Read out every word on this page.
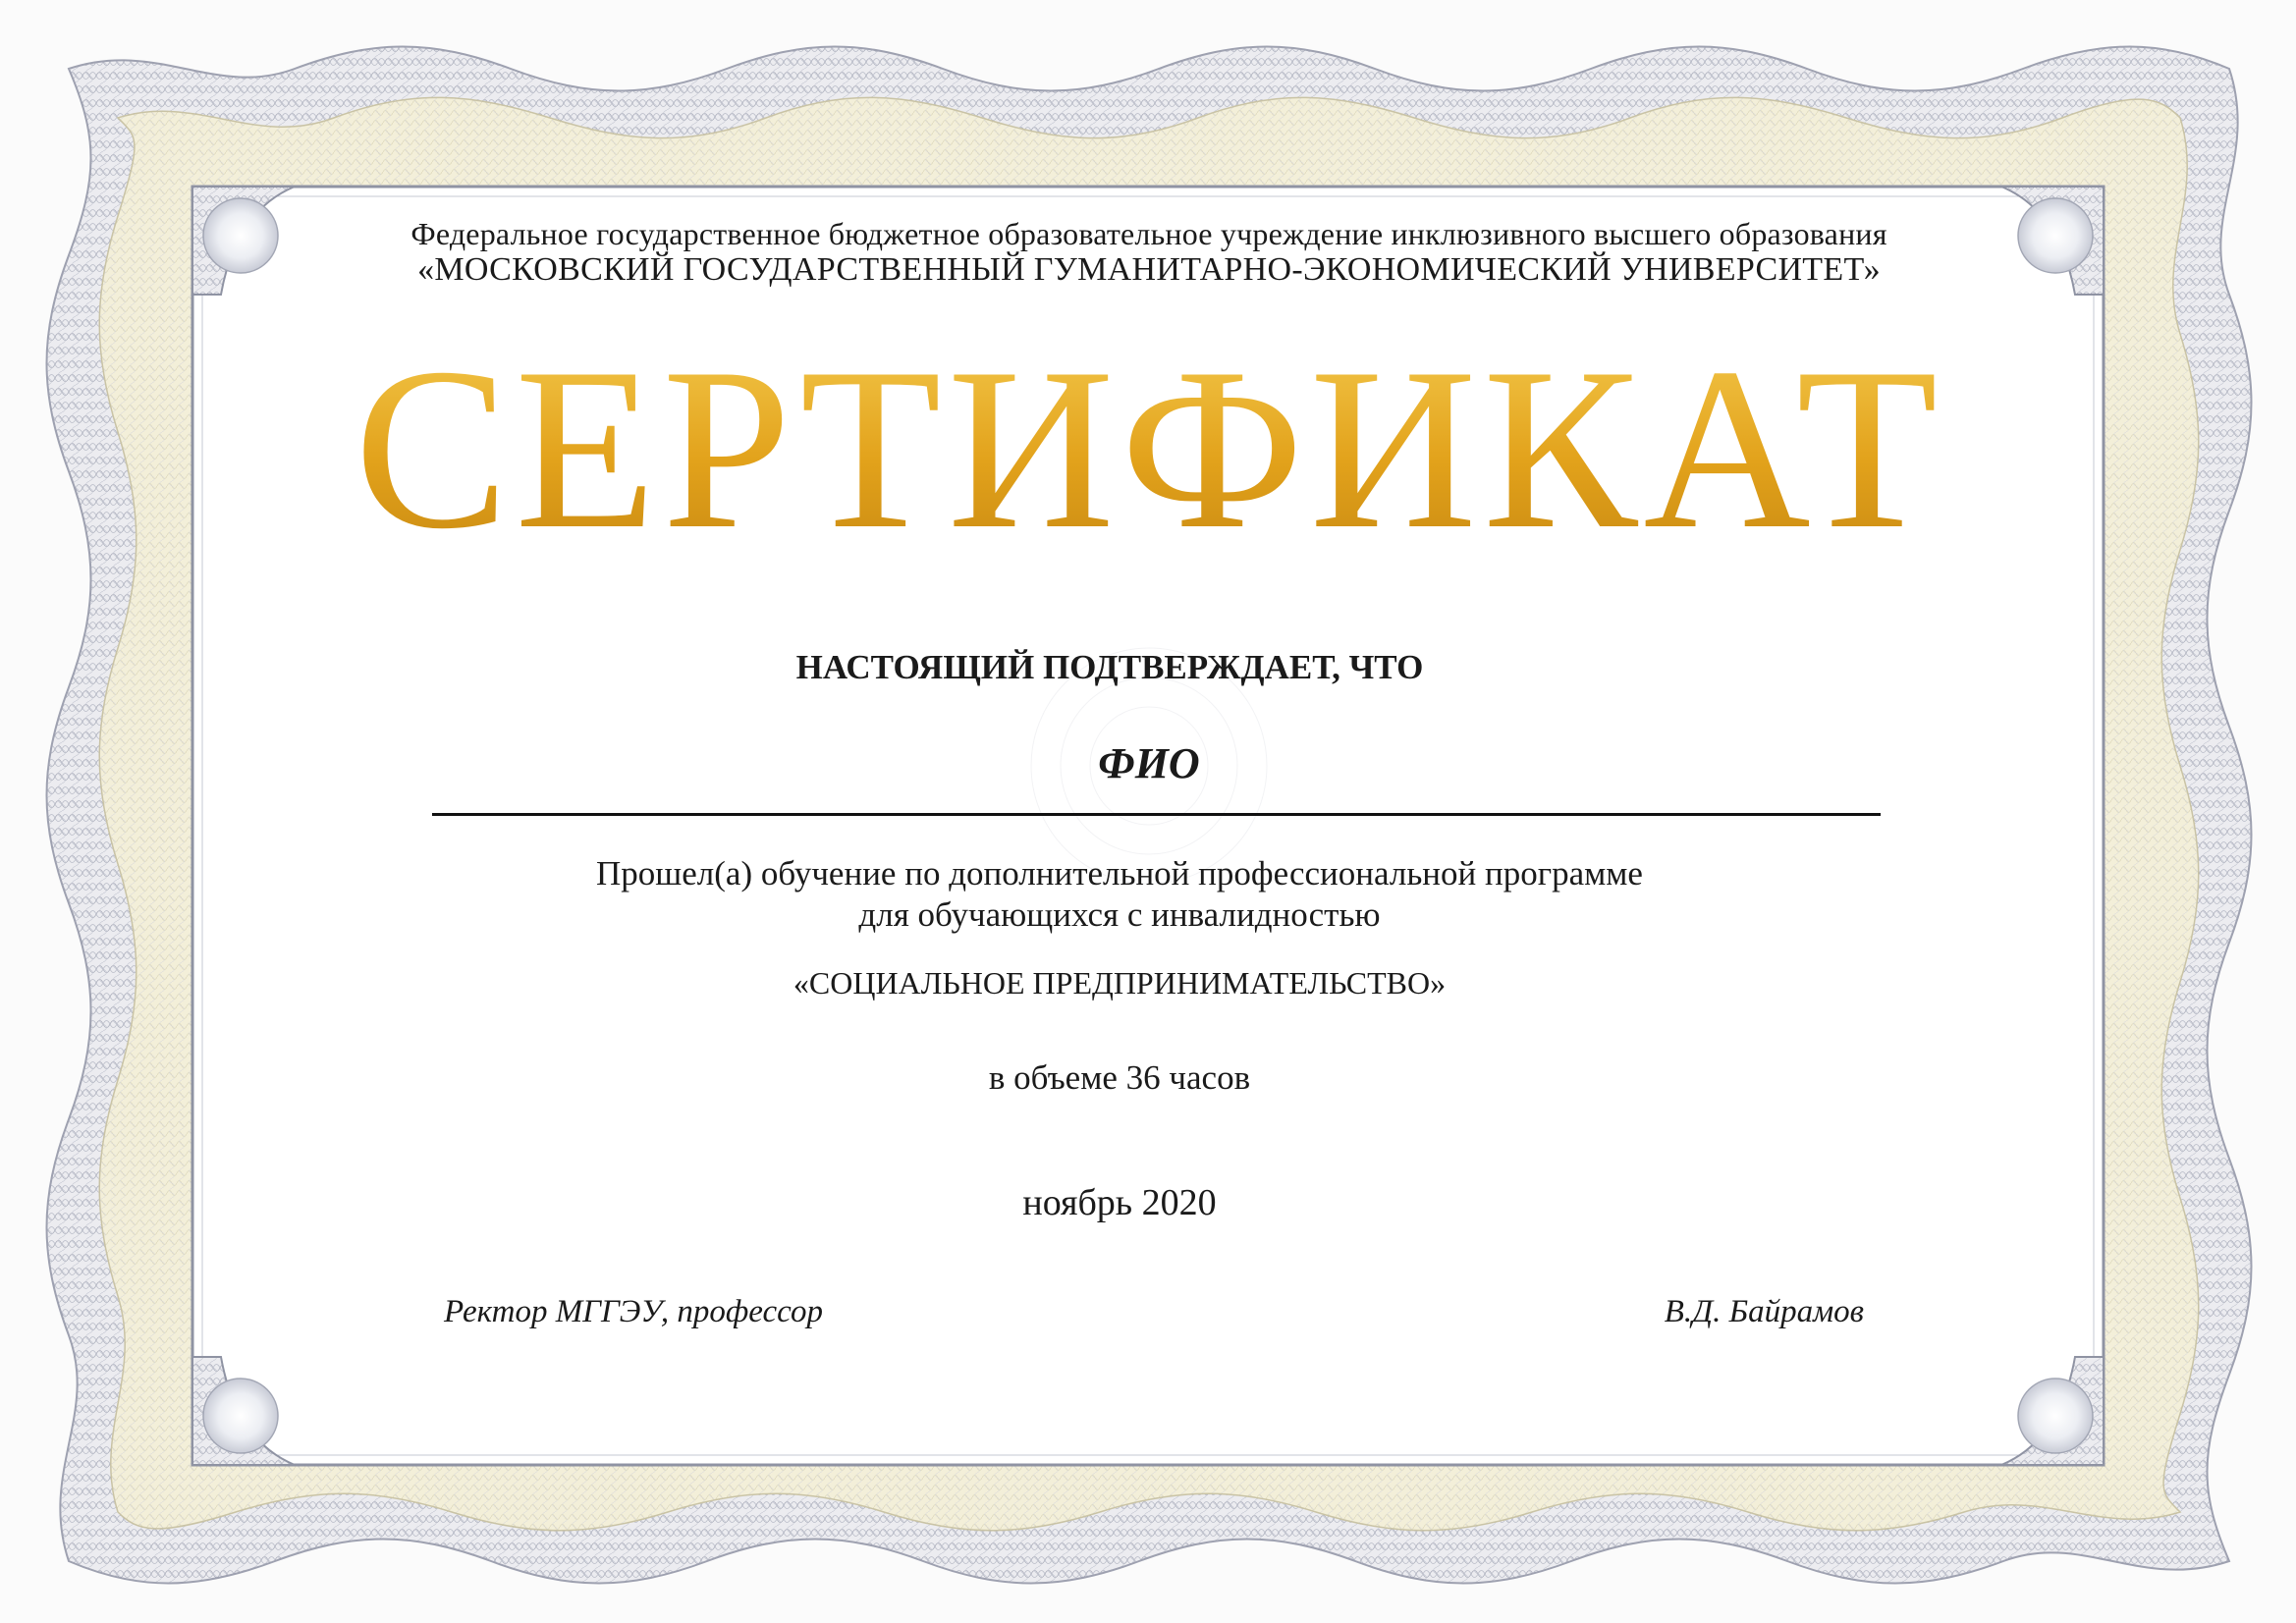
Федеральное государственное бюджетное образовательное учреждение инклюзивного высшего образования
«МОСКОВСКИЙ ГОСУДАРСТВЕННЫЙ ГУМАНИТАРНО-ЭКОНОМИЧЕСКИЙ УНИВЕРСИТЕТ»
СЕРТИФИКАТ
НАСТОЯЩИЙ ПОДТВЕРЖДАЕТ, ЧТО
ФИО
Прошел(а) обучение по дополнительной профессиональной программе
для обучающихся с инвалидностью
«СОЦИАЛЬНОЕ ПРЕДПРИНИМАТЕЛЬСТВО»
в объеме 36 часов
ноябрь 2020
Ректор МГГЭУ, профессор	В.Д. Байрамов
